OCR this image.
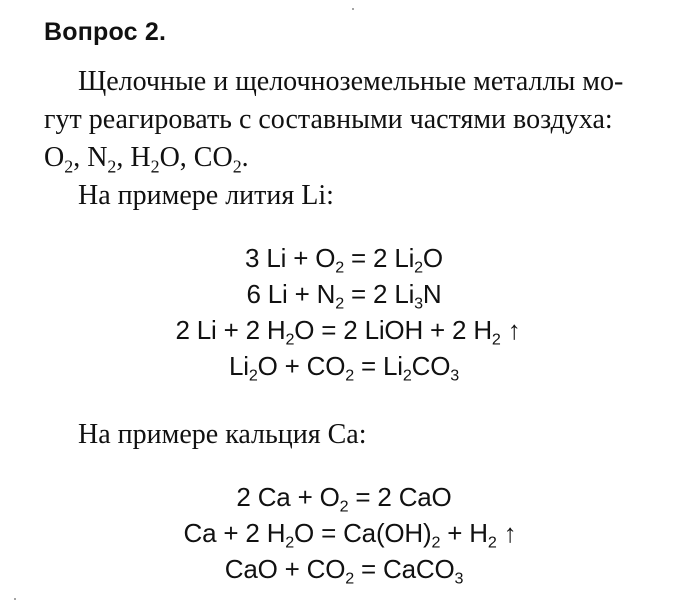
Вопрос 2.
Щелочные и щелочноземельные металлы мо-
гут реагировать с составными частями воздуха:
$O_2$, $N_2$, $H_2O$, $CO_2$.
На примере лития Li:
3 $Li + O_2 = 2$ $Li_2O$
6 $Li + N_2 = 2$ $Li_3N$
2 Li + 2 $H_2O = 2$ LiOH + 2 $H_2$ ↑
$Li_2O + CO_2 = Li_2CO_3$
На примере кальция Ca:
2 $Ca + O_2 = 2$ CaO
Ca + 2 $H_2O = Ca(OH)_2 + H_2$ ↑
CaO + $CO_2$ = CaCO$_3$
